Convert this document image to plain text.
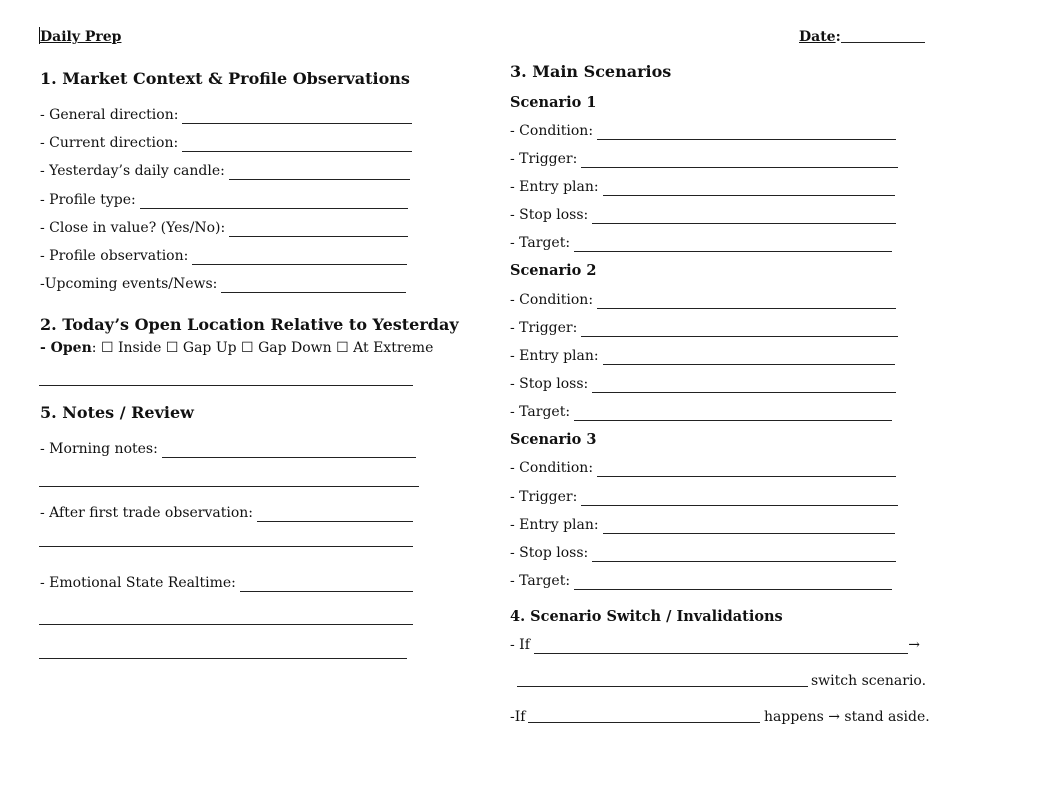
Daily Prep	Date:
1. Market Context & Profile Observations
- General direction:
- Current direction:
- Yesterday’s daily candle:
- Profile type:
- Close in value? (Yes/No):
- Profile observation:
-Upcoming events/News:
2. Today’s Open Location Relative to Yesterday
- Open: ☐ Inside ☐ Gap Up ☐ Gap Down ☐ At Extreme
5. Notes / Review
- Morning notes:
- After first trade observation:
- Emotional State Realtime:
3. Main Scenarios
Scenario 1
- Condition:
- Trigger:
- Entry plan:
- Stop loss:
- Target:
Scenario 2
- Condition:
- Trigger:
- Entry plan:
- Stop loss:
- Target:
Scenario 3
- Condition:
- Trigger:
- Entry plan:
- Stop loss:
- Target:
4. Scenario Switch / Invalidations
- If	→
switch scenario.
-If	happens → stand aside.
